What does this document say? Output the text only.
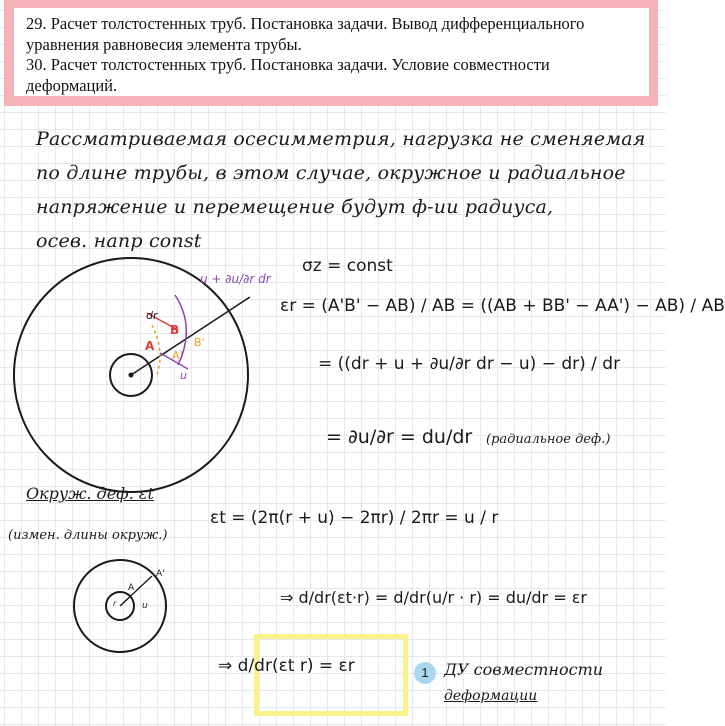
29. Расчет толстостенных труб. Постановка задачи. Вывод дифференциального
уравнения равновесия элемента трубы.
30. Расчет толстостенных труб. Постановка задачи. Условие совместности
деформаций.
Рассматриваемая осесимметрия, нагрузка не сменяемая
по длине трубы, в этом случае, окружное и радиальное
напряжение и перемещение будут ф-ии радиуса,
осев. напр const
dr
A
B
A'
B'
u
u + ∂u/∂r dr
σz = const
εr = (A'B' − AB) / AB = ((AB + BB' − AA') − AB) / AB
= ((dr + u + ∂u/∂r dr − u) − dr) / dr
= ∂u/∂r = du/dr (радиальное деф.)
Окруж. деф. εt
(измен. длины окруж.)
εt = (2π(r + u) − 2πr) / 2πr = u / r
r
A
A'
u	⇒ d/dr(εt·r) = d/dr(u/r · r) = du/dr = εr
⇒ d/dr(εt r) = εr	1 ДУ совместности
деформации
